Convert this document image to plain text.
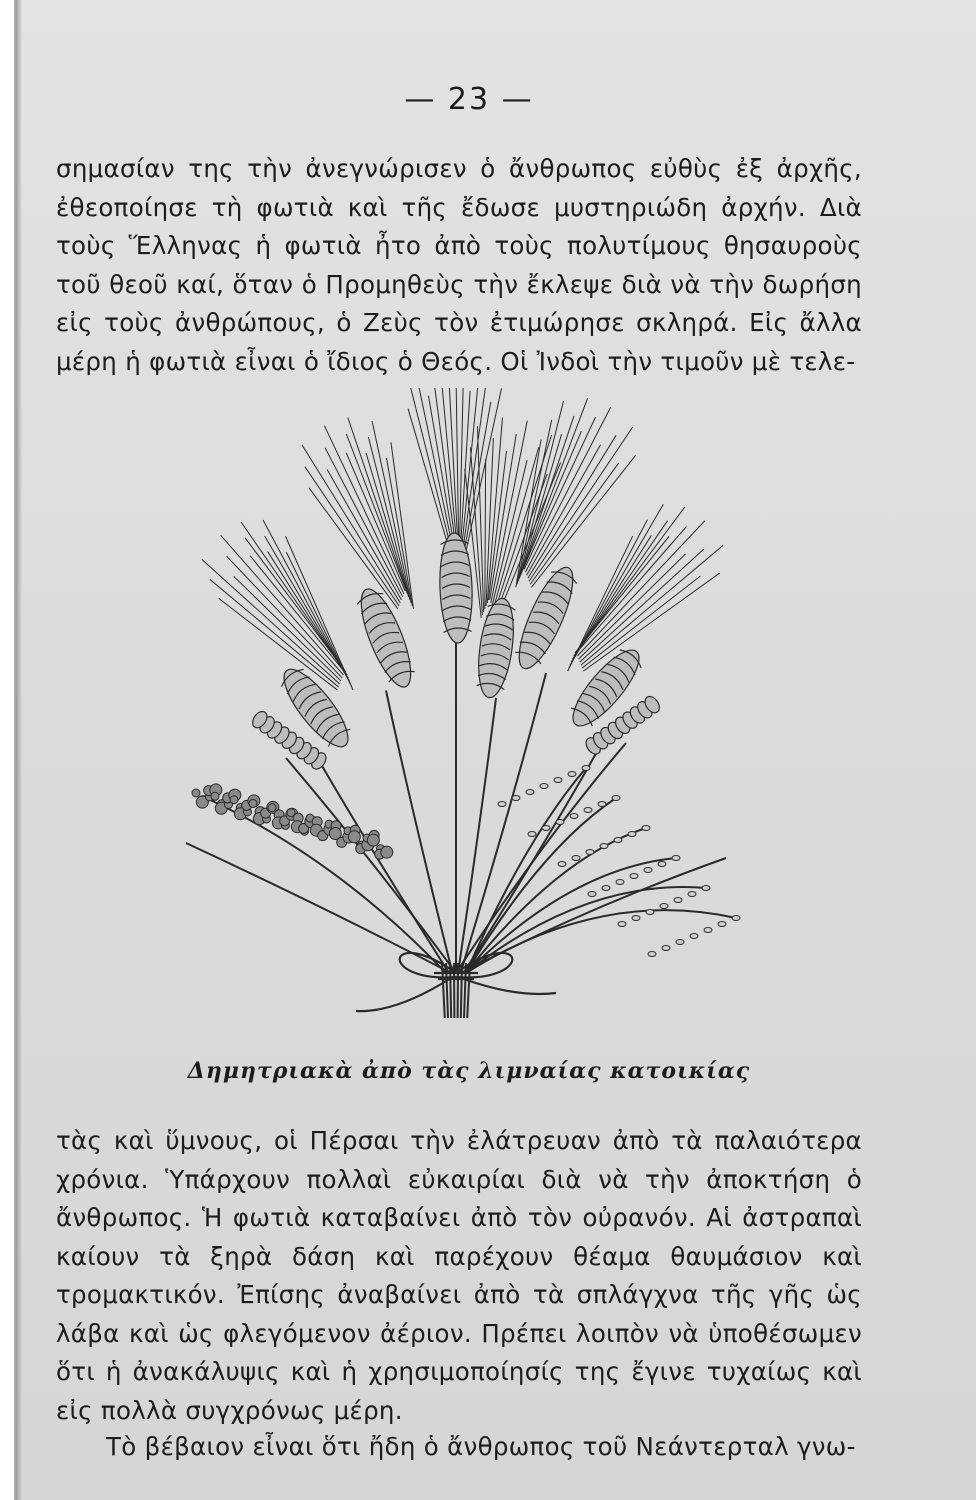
— 23 —

σημασίαν της τὴν ἀνεγνώρισεν ὁ ἄνθρωπος εὐθὺς ἐξ ἀρχῆς, ἐθεοποίησε τὴ φωτιὰ καὶ τῆς ἔδωσε μυστηριώδη ἀρχήν. Διὰ τοὺς Ἕλληνας ἡ φωτιὰ ἦτο ἀπὸ τοὺς πολυτίμους θησαυροὺς τοῦ θεοῦ καί, ὅταν ὁ Προμηθεὺς τὴν ἔκλεψε διὰ νὰ τὴν δωρήση εἰς τοὺς ἀνθρώπους, ὁ Ζεὺς τὸν ἐτιμώρησε σκληρά. Εἰς ἄλλα μέρη ἡ φωτιὰ εἶναι ὁ ἴδιος ὁ Θεός. Οἱ Ἰνδοὶ τὴν τιμοῦν μὲ τελε-

Δημητριακὰ ἀπὸ τὰς λιμναίας κατοικίας

τὰς καὶ ὕμνους, οἱ Πέρσαι τὴν ἐλάτρευαν ἀπὸ τὰ παλαιότερα χρόνια. Ὑπάρχουν πολλαὶ εὐκαιρίαι διὰ νὰ τὴν ἀποκτήση ὁ ἄνθρωπος. Ἡ φωτιὰ καταβαίνει ἀπὸ τὸν οὐρανόν. Αἱ ἀστραπαὶ καίουν τὰ ξηρὰ δάση καὶ παρέχουν θέαμα θαυμάσιον καὶ τρομακτικόν. Ἐπίσης ἀναβαίνει ἀπὸ τὰ σπλάγχνα τῆς γῆς ὡς λάβα καὶ ὡς φλεγόμενον ἀέριον. Πρέπει λοιπὸν νὰ ὑποθέσωμεν ὅτι ἡ ἀνακάλυψις καὶ ἡ χρησιμοποίησίς της ἔγινε τυχαίως καὶ εἰς πολλὰ συγχρόνως μέρη.

Τὸ βέβαιον εἶναι ὅτι ἤδη ὁ ἄνθρωπος τοῦ Νεάντερταλ γνω-
